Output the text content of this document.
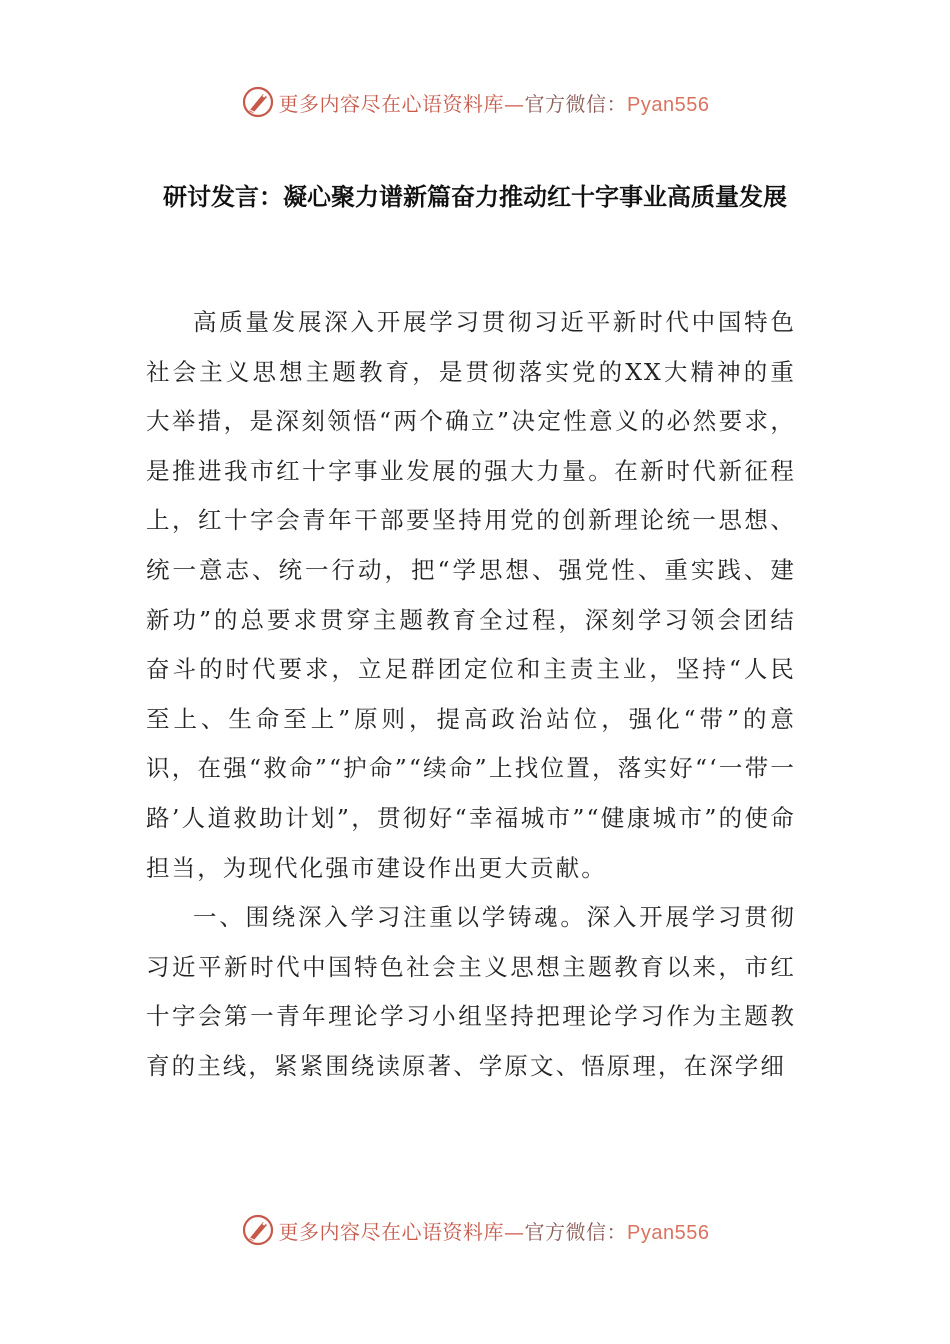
更多内容尽在心语资料库—官方微信：Pyan556
研讨发言：凝心聚力谱新篇奋力推动红十字事业高质量发展

高质量发展深入开展学习贯彻习近平新时代中国特色社会主义思想主题教育，是贯彻落实党的XX大精神的重大举措，是深刻领悟“两个确立”决定性意义的必然要求，是推进我市红十字事业发展的强大力量。在新时代新征程上，红十字会青年干部要坚持用党的创新理论统一思想、统一意志、统一行动，把“学思想、强党性、重实践、建新功”的总要求贯穿主题教育全过程，深刻学习领会团结奋斗的时代要求，立足群团定位和主责主业，坚持“人民至上、生命至上”原则，提高政治站位，强化“带”的意识，在强“救命”“护命”“续命”上找位置，落实好“‘一带一路’人道救助计划”，贯彻好“幸福城市”“健康城市”的使命担当，为现代化强市建设作出更大贡献。

一、围绕深入学习注重以学铸魂。深入开展学习贯彻习近平新时代中国特色社会主义思想主题教育以来，市红十字会第一青年理论学习小组坚持把理论学习作为主题教育的主线，紧紧围绕读原著、学原文、悟原理，在深学细

更多内容尽在心语资料库—官方微信：Pyan556
